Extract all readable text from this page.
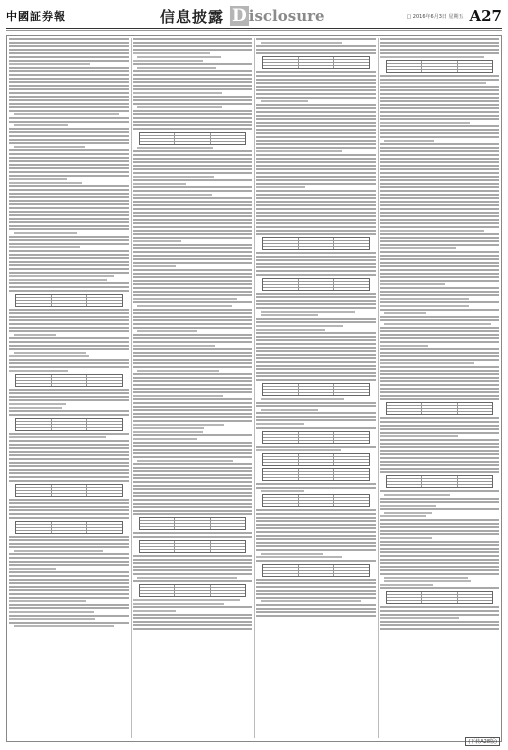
中國証券報	信息披露 D isclosure	□ 2016年6月3日 星期五 A27
(下转A28版)
